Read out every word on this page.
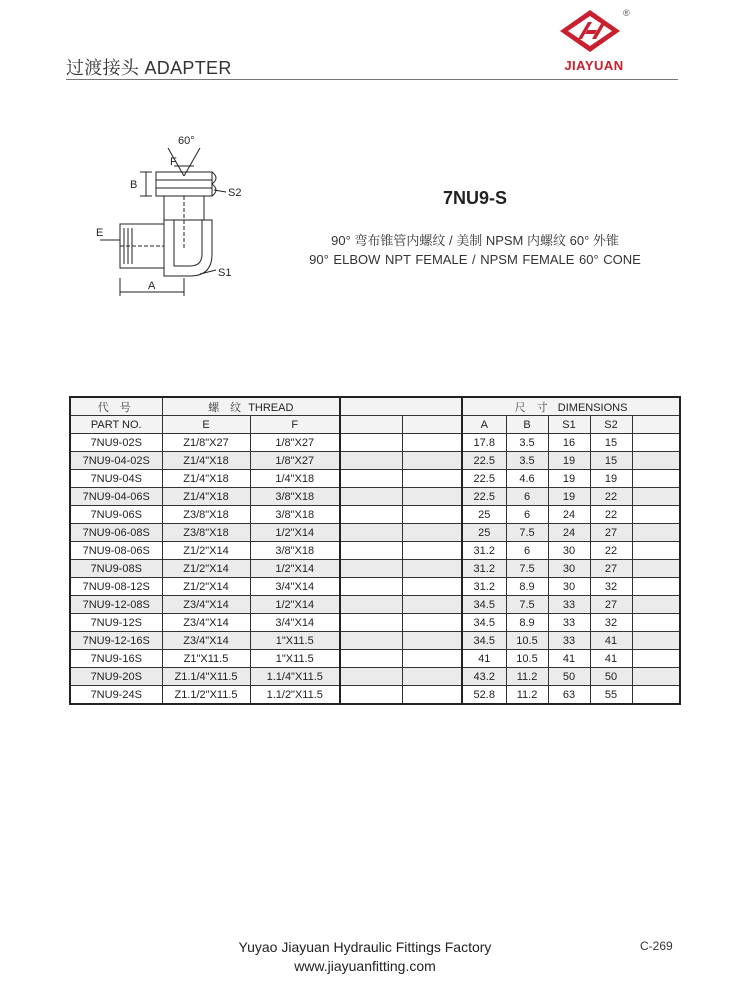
过渡接头 ADAPTER
®
JIAYUAN
60°
F
B
S2
E
S1
A
7NU9-S
90° 弯布锥管内螺纹 / 美制 NPSM 内螺纹 60° 外锥
90° ELBOW NPT FEMALE / NPSM FEMALE 60° CONE
代 号	螺 纹 THREAD				尺 寸 DIMENSIONS				
PART NO.	E	F			A	B	S1	S2	
7NU9-02S	Z1/8"X27	1/8"X27			17.8	3.5	16	15	
7NU9-04-02S	Z1/4"X18	1/8"X27			22.5	3.5	19	15	
7NU9-04S	Z1/4"X18	1/4"X18			22.5	4.6	19	19	
7NU9-04-06S	Z1/4"X18	3/8"X18			22.5	6	19	22	
7NU9-06S	Z3/8"X18	3/8"X18			25	6	24	22	
7NU9-06-08S	Z3/8"X18	1/2"X14			25	7.5	24	27	
7NU9-08-06S	Z1/2"X14	3/8"X18			31.2	6	30	22	
7NU9-08S	Z1/2"X14	1/2"X14			31.2	7.5	30	27	
7NU9-08-12S	Z1/2"X14	3/4"X14			31.2	8.9	30	32	
7NU9-12-08S	Z3/4"X14	1/2"X14			34.5	7.5	33	27	
7NU9-12S	Z3/4"X14	3/4"X14			34.5	8.9	33	32	
7NU9-12-16S	Z3/4"X14	1"X11.5			34.5	10.5	33	41	
7NU9-16S	Z1"X11.5	1"X11.5			41	10.5	41	41	
7NU9-20S	Z1.1/4"X11.5	1.1/4"X11.5			43.2	11.2	50	50	
7NU9-24S	Z1.1/2"X11.5	1.1/2"X11.5			52.8	11.2	63	55	
Yuyao Jiayuan Hydraulic Fittings Factory
www.jiayuanfitting.com
C-269
